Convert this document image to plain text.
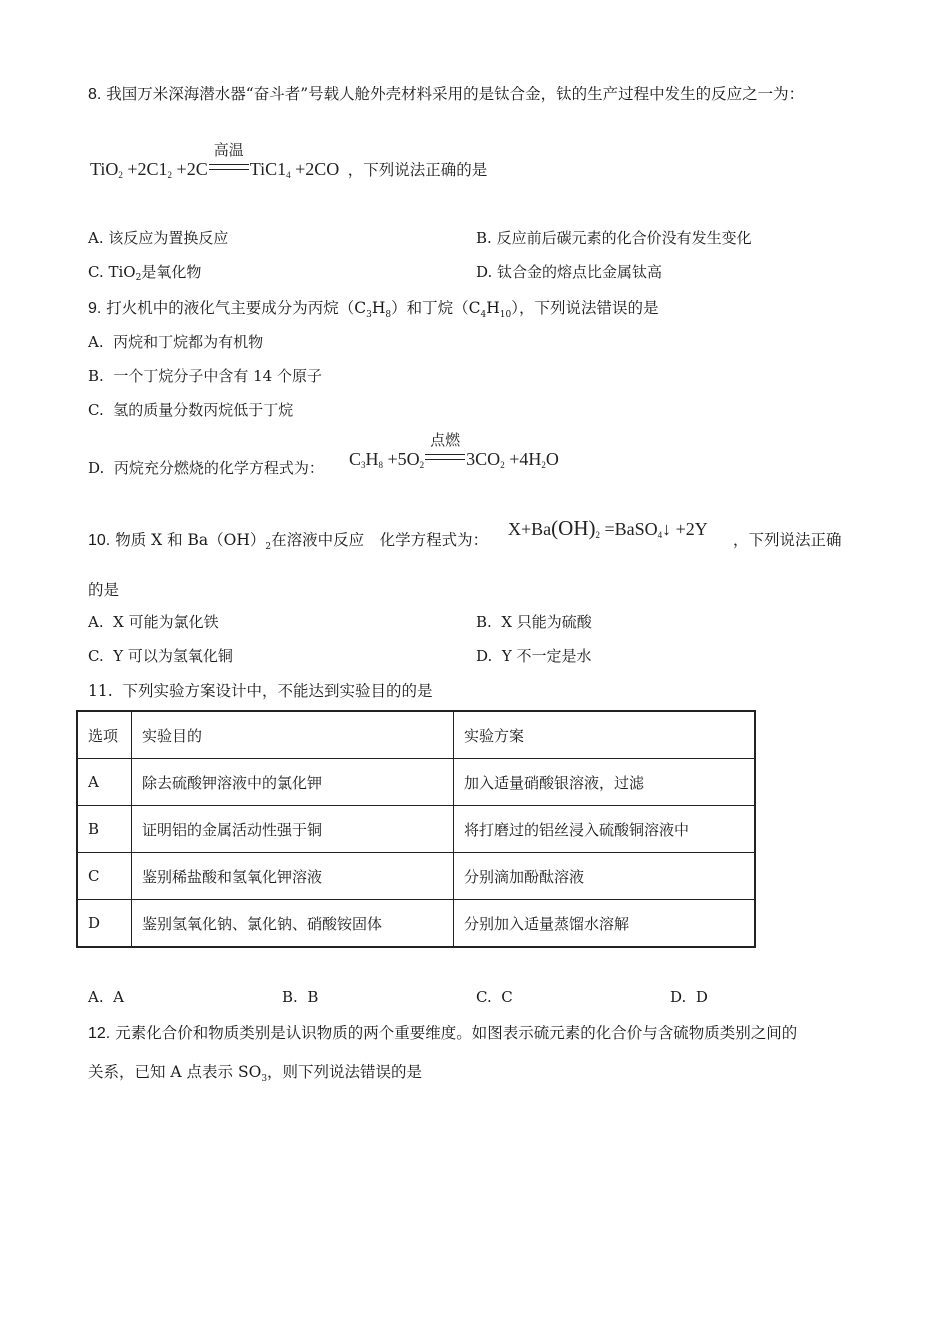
8. 我国万米深海潜水器“奋斗者”号载人舱外壳材料采用的是钛合金，钛的生产过程中发生的反应之一为：
$TiO_2 +2C1_2 +2C$
高温
$TiC1_4 +2CO$ ，下列说法正确的是
A. 该反应为置换反应	B. 反应前后碳元素的化合价没有发生变化
C. TiO$_2$是氧化物	D. 钛合金的熔点比金属钛高
9. 打火机中的液化气主要成分为丙烷$(C_3H_8)$和丁烷$(C_4H_{10})$，下列说法错误的是
A. 丙烷和丁烷都为有机物
B. 一个丁烷分子中含有 14 个原子
C. 氢的质量分数丙烷低于丁烷
D. 丙烷充分燃烧的化学方程式为： $C_3H_8 +5O_2$
点燃
$3CO_2 +4H_2O$
10. 物质 X 和 $Ba(OH)_2$在溶液中反应　化学方程式为：
$X+Ba(OH)_2$ =BaSO$_4$↓ +2Y
，下列说法正确
的是
A. X 可能为氯化铁	B. X 只能为硫酸
C. Y 可以为氢氧化铜	D. Y 不一定是水
11. 下列实验方案设计中，不能达到实验目的的是
选项	实验目的	实验方案
A	除去硫酸钾溶液中的氯化钾	加入适量硝酸银溶液，过滤
B	证明铝的金属活动性强于铜	将打磨过的铝丝浸入硫酸铜溶液中
C	鉴别稀盐酸和氢氧化钾溶液	分别滴加酚酞溶液
D	鉴别氢氧化钠、氯化钠、硝酸铵固体	分别加入适量蒸馏水溶解
A. A	B. B	C. C	D. D
12. 元素化合价和物质类别是认识物质的两个重要维度。如图表示硫元素的化合价与含硫物质类别之间的
关系，已知 A 点表示 $SO_3$，则下列说法错误的是
